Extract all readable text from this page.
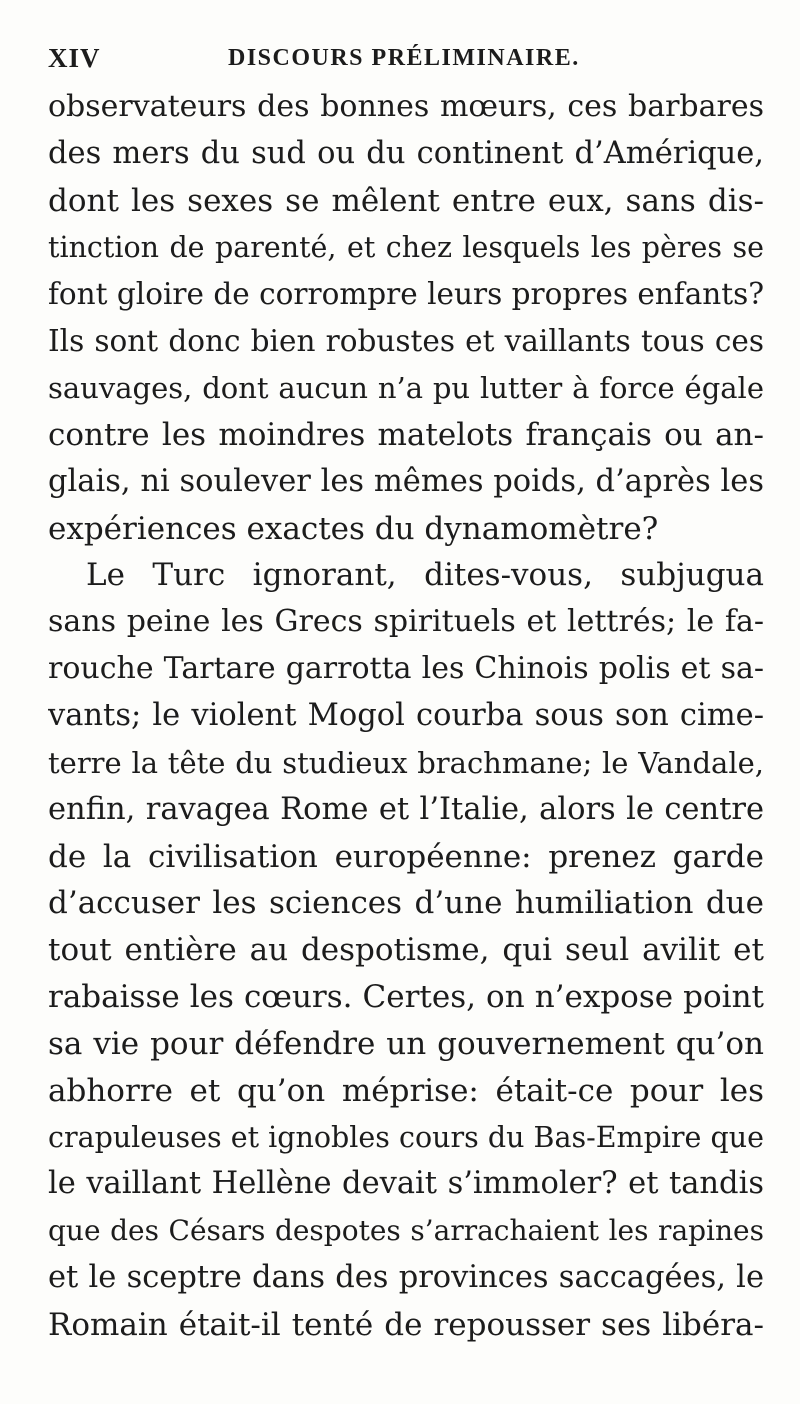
XIV	DISCOURS PRÉLIMINAIRE.
observateurs des bonnes mœurs, ces barbares
des mers du sud ou du continent d’Amérique,
dont les sexes se mêlent entre eux, sans dis-
tinction de parenté, et chez lesquels les pères se
font gloire de corrompre leurs propres enfants?
Ils sont donc bien robustes et vaillants tous ces
sauvages, dont aucun n’a pu lutter à force égale
contre les moindres matelots français ou an-
glais, ni soulever les mêmes poids, d’après les
expériences exactes du dynamomètre?
Le Turc ignorant, dites-vous, subjugua
sans peine les Grecs spirituels et lettrés; le fa-
rouche Tartare garrotta les Chinois polis et sa-
vants; le violent Mogol courba sous son cime-
terre la tête du studieux brachmane; le Vandale,
enfin, ravagea Rome et l’Italie, alors le centre
de la civilisation européenne: prenez garde
d’accuser les sciences d’une humiliation due
tout entière au despotisme, qui seul avilit et
rabaisse les cœurs. Certes, on n’expose point
sa vie pour défendre un gouvernement qu’on
abhorre et qu’on méprise: était-ce pour les
crapuleuses et ignobles cours du Bas-Empire que
le vaillant Hellène devait s’immoler? et tandis
que des Césars despotes s’arrachaient les rapines
et le sceptre dans des provinces saccagées, le
Romain était-il tenté de repousser ses libéra-
